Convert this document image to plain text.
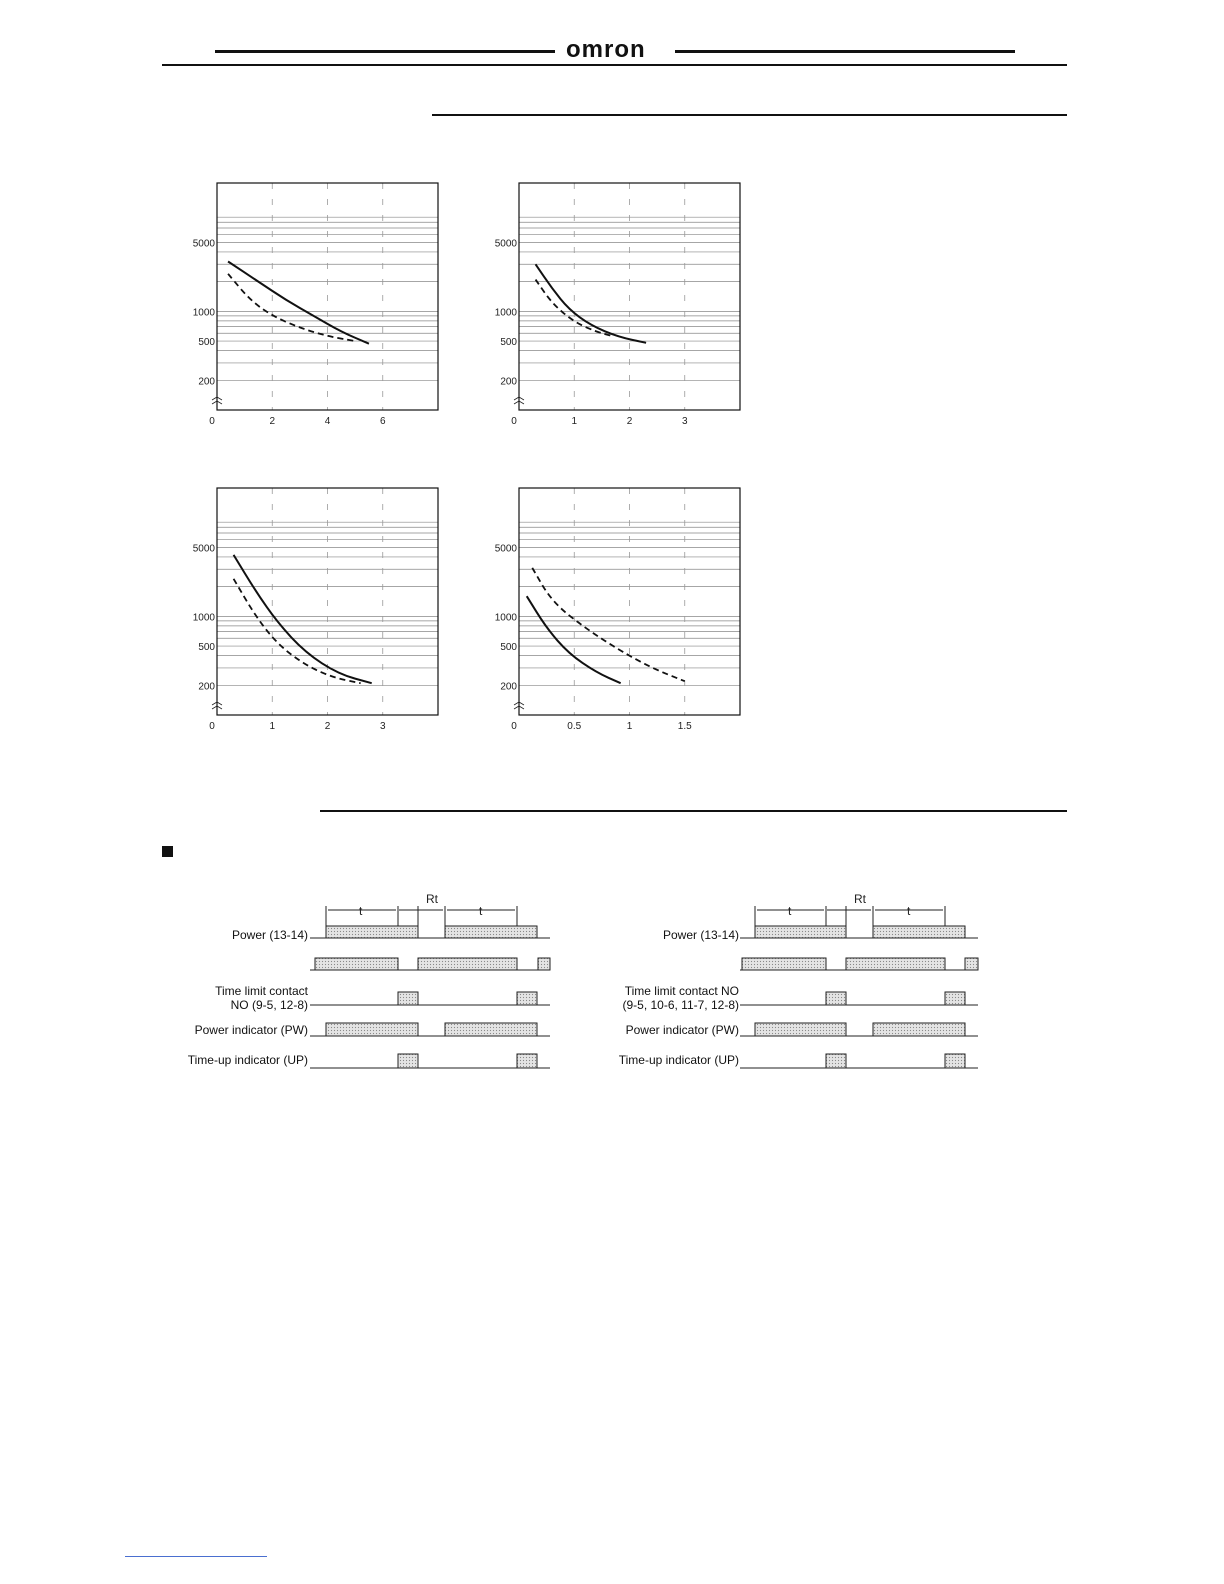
omron
5000
1000
500
200
0	2	4	6
5000
1000
500
200
0	1	2	3
5000
1000
500
200
0	1	2	3
5000
1000
500
200
0	0.5	1	1.5
Rt
t	t
Power (13-14)
Time limit contact
NO (9-5, 12-8)
Power indicator (PW)
Time-up indicator (UP)
Rt
t	t
Power (13-14)
Time limit contact NO
(9-5, 10-6, 11-7, 12-8)
Power indicator (PW)
Time-up indicator (UP)
